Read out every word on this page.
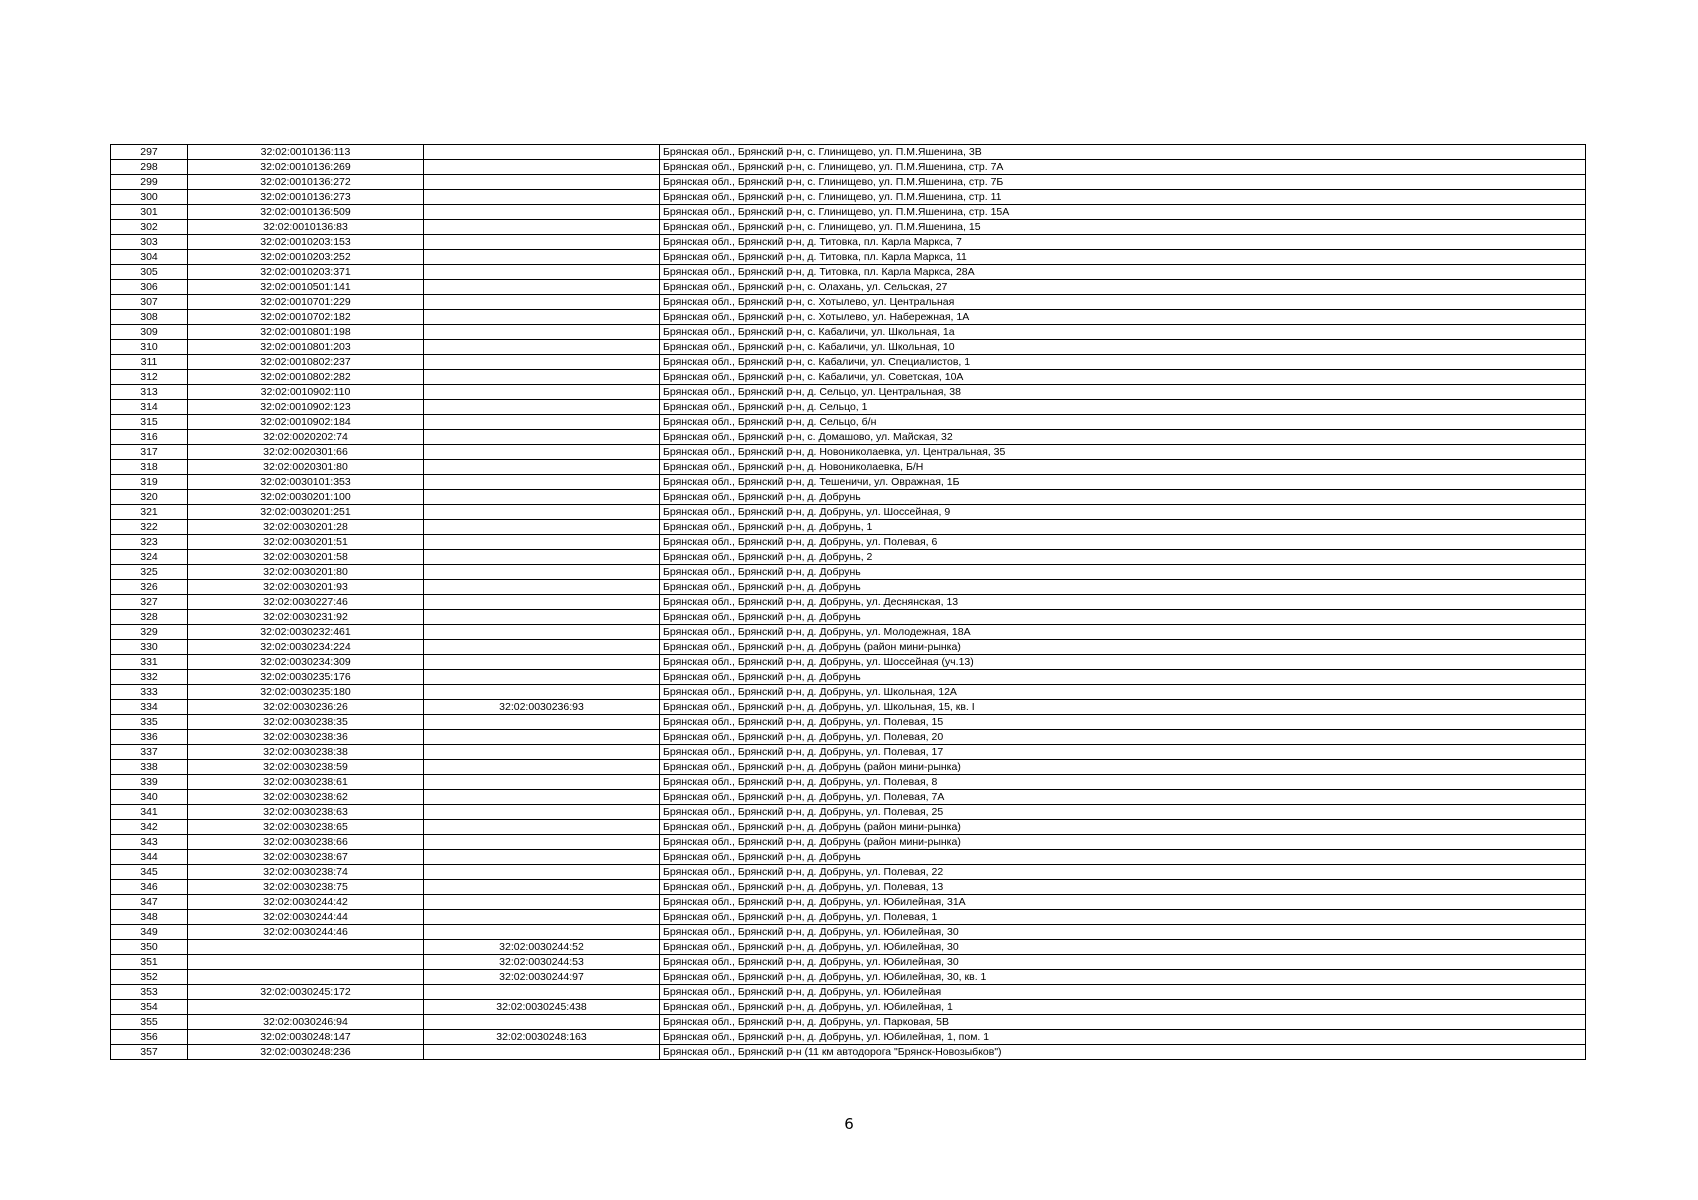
297	32:02:0010136:113		Брянская обл., Брянский р-н, с. Глинищево, ул. П.М.Яшенина, 3В
298	32:02:0010136:269		Брянская обл., Брянский р-н, с. Глинищево, ул. П.М.Яшенина, стр. 7А
299	32:02:0010136:272		Брянская обл., Брянский р-н, с. Глинищево, ул. П.М.Яшенина, стр. 7Б
300	32:02:0010136:273		Брянская обл., Брянский р-н, с. Глинищево, ул. П.М.Яшенина, стр. 11
301	32:02:0010136:509		Брянская обл., Брянский р-н, с. Глинищево, ул. П.М.Яшенина, стр. 15А
302	32:02:0010136:83		Брянская обл., Брянский р-н, с. Глинищево, ул. П.М.Яшенина, 15
303	32:02:0010203:153		Брянская обл., Брянский р-н, д. Титовка, пл. Карла Маркса, 7
304	32:02:0010203:252		Брянская обл., Брянский р-н, д. Титовка, пл. Карла Маркса, 11
305	32:02:0010203:371		Брянская обл., Брянский р-н, д. Титовка, пл. Карла Маркса, 28А
306	32:02:0010501:141		Брянская обл., Брянский р-н, с. Олахань, ул. Сельская, 27
307	32:02:0010701:229		Брянская обл., Брянский р-н, с. Хотылево, ул. Центральная
308	32:02:0010702:182		Брянская обл., Брянский р-н, с. Хотылево, ул. Набережная, 1А
309	32:02:0010801:198		Брянская обл., Брянский р-н, с. Кабаличи, ул. Школьная, 1а
310	32:02:0010801:203		Брянская обл., Брянский р-н, с. Кабаличи, ул. Школьная, 10
311	32:02:0010802:237		Брянская обл., Брянский р-н, с. Кабаличи, ул. Специалистов, 1
312	32:02:0010802:282		Брянская обл., Брянский р-н, с. Кабаличи, ул. Советская, 10А
313	32:02:0010902:110		Брянская обл., Брянский р-н, д. Сельцо, ул. Центральная, 38
314	32:02:0010902:123		Брянская обл., Брянский р-н, д. Сельцо, 1
315	32:02:0010902:184		Брянская обл., Брянский р-н, д. Сельцо, б/н
316	32:02:0020202:74		Брянская обл., Брянский р-н, с. Домашово, ул. Майская, 32
317	32:02:0020301:66		Брянская обл., Брянский р-н, д. Новониколаевка, ул. Центральная, 35
318	32:02:0020301:80		Брянская обл., Брянский р-н, д. Новониколаевка, Б/Н
319	32:02:0030101:353		Брянская обл., Брянский р-н, д. Тешеничи, ул. Овражная, 1Б
320	32:02:0030201:100		Брянская обл., Брянский р-н, д. Добрунь
321	32:02:0030201:251		Брянская обл., Брянский р-н, д. Добрунь, ул. Шоссейная, 9
322	32:02:0030201:28		Брянская обл., Брянский р-н, д. Добрунь, 1
323	32:02:0030201:51		Брянская обл., Брянский р-н, д. Добрунь, ул. Полевая, 6
324	32:02:0030201:58		Брянская обл., Брянский р-н, д. Добрунь, 2
325	32:02:0030201:80		Брянская обл., Брянский р-н, д. Добрунь
326	32:02:0030201:93		Брянская обл., Брянский р-н, д. Добрунь
327	32:02:0030227:46		Брянская обл., Брянский р-н, д. Добрунь, ул. Деснянская, 13
328	32:02:0030231:92		Брянская обл., Брянский р-н, д. Добрунь
329	32:02:0030232:461		Брянская обл., Брянский р-н, д. Добрунь, ул. Молодежная, 18А
330	32:02:0030234:224		Брянская обл., Брянский р-н, д. Добрунь (район мини-рынка)
331	32:02:0030234:309		Брянская обл., Брянский р-н, д. Добрунь, ул. Шоссейная (уч.13)
332	32:02:0030235:176		Брянская обл., Брянский р-н, д. Добрунь
333	32:02:0030235:180		Брянская обл., Брянский р-н, д. Добрунь, ул. Школьная, 12А
334	32:02:0030236:26	32:02:0030236:93	Брянская обл., Брянский р-н, д. Добрунь, ул. Школьная, 15, кв. I
335	32:02:0030238:35		Брянская обл., Брянский р-н, д. Добрунь, ул. Полевая, 15
336	32:02:0030238:36		Брянская обл., Брянский р-н, д. Добрунь, ул. Полевая, 20
337	32:02:0030238:38		Брянская обл., Брянский р-н, д. Добрунь, ул. Полевая, 17
338	32:02:0030238:59		Брянская обл., Брянский р-н, д. Добрунь (район мини-рынка)
339	32:02:0030238:61		Брянская обл., Брянский р-н, д. Добрунь, ул. Полевая, 8
340	32:02:0030238:62		Брянская обл., Брянский р-н, д. Добрунь, ул. Полевая, 7А
341	32:02:0030238:63		Брянская обл., Брянский р-н, д. Добрунь, ул. Полевая, 25
342	32:02:0030238:65		Брянская обл., Брянский р-н, д. Добрунь (район мини-рынка)
343	32:02:0030238:66		Брянская обл., Брянский р-н, д. Добрунь (район мини-рынка)
344	32:02:0030238:67		Брянская обл., Брянский р-н, д. Добрунь
345	32:02:0030238:74		Брянская обл., Брянский р-н, д. Добрунь, ул. Полевая, 22
346	32:02:0030238:75		Брянская обл., Брянский р-н, д. Добрунь, ул. Полевая, 13
347	32:02:0030244:42		Брянская обл., Брянский р-н, д. Добрунь, ул. Юбилейная, 31А
348	32:02:0030244:44		Брянская обл., Брянский р-н, д. Добрунь, ул. Полевая, 1
349	32:02:0030244:46		Брянская обл., Брянский р-н, д. Добрунь, ул. Юбилейная, 30
350		32:02:0030244:52	Брянская обл., Брянский р-н, д. Добрунь, ул. Юбилейная, 30
351		32:02:0030244:53	Брянская обл., Брянский р-н, д. Добрунь, ул. Юбилейная, 30
352		32:02:0030244:97	Брянская обл., Брянский р-н, д. Добрунь, ул. Юбилейная, 30, кв. 1
353	32:02:0030245:172		Брянская обл., Брянский р-н, д. Добрунь, ул. Юбилейная
354		32:02:0030245:438	Брянская обл., Брянский р-н, д. Добрунь, ул. Юбилейная, 1
355	32:02:0030246:94		Брянская обл., Брянский р-н, д. Добрунь, ул. Парковая, 5В
356	32:02:0030248:147	32:02:0030248:163	Брянская обл., Брянский р-н, д. Добрунь, ул. Юбилейная, 1, пом. 1
357	32:02:0030248:236		Брянская обл., Брянский р-н (11 км автодорога "Брянск-Новозыбков")
6
